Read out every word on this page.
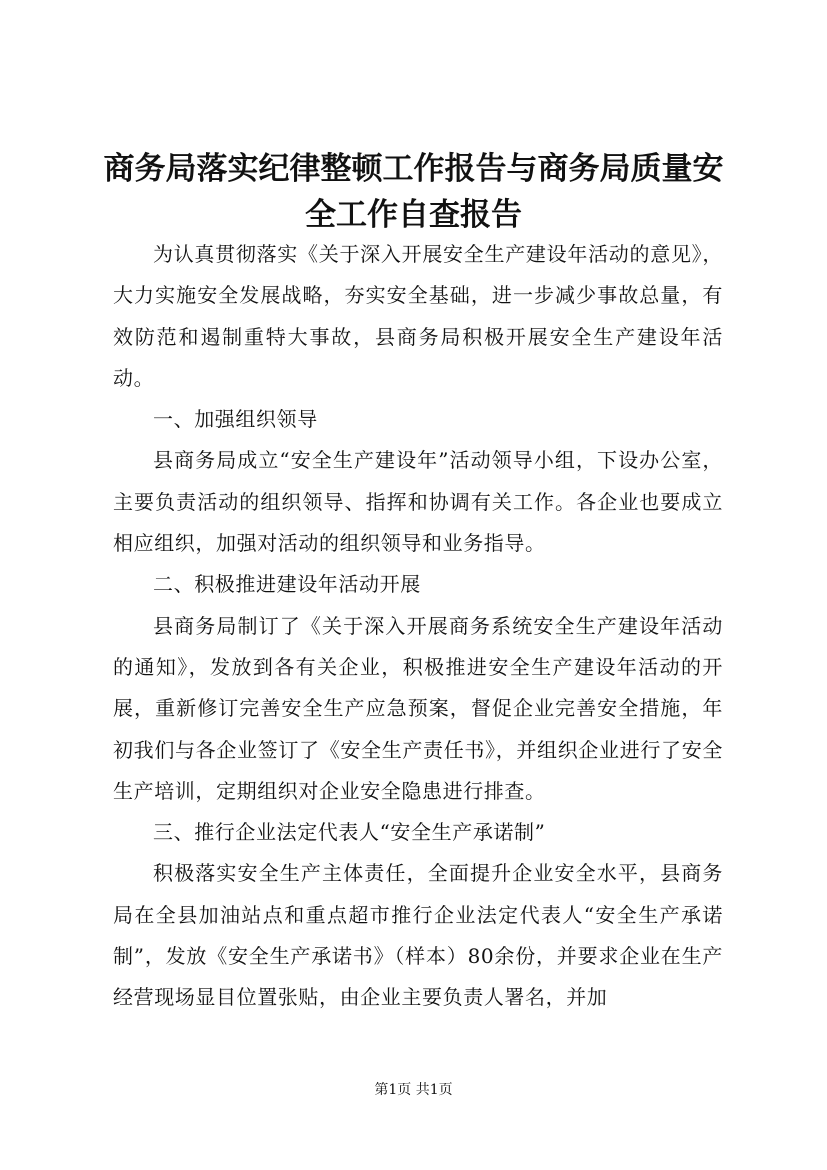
商务局落实纪律整顿工作报告与商务局质量安全工作自查报告

为认真贯彻落实《关于深入开展安全生产建设年活动的意见》，大力实施安全发展战略，夯实安全基础，进一步减少事故总量，有效防范和遏制重特大事故，县商务局积极开展安全生产建设年活动。

一、加强组织领导

县商务局成立“安全生产建设年”活动领导小组，下设办公室，主要负责活动的组织领导、指挥和协调有关工作。各企业也要成立相应组织，加强对活动的组织领导和业务指导。

二、积极推进建设年活动开展

县商务局制订了《关于深入开展商务系统安全生产建设年活动的通知》，发放到各有关企业，积极推进安全生产建设年活动的开展，重新修订完善安全生产应急预案，督促企业完善安全措施，年初我们与各企业签订了《安全生产责任书》，并组织企业进行了安全生产培训，定期组织对企业安全隐患进行排查。

三、推行企业法定代表人“安全生产承诺制”

积极落实安全生产主体责任，全面提升企业安全水平，县商务局在全县加油站点和重点超市推行企业法定代表人“安全生产承诺制”，发放《安全生产承诺书》（样本）80余份，并要求企业在生产经营现场显目位置张贴，由企业主要负责人署名，并加

第1页 共1页
